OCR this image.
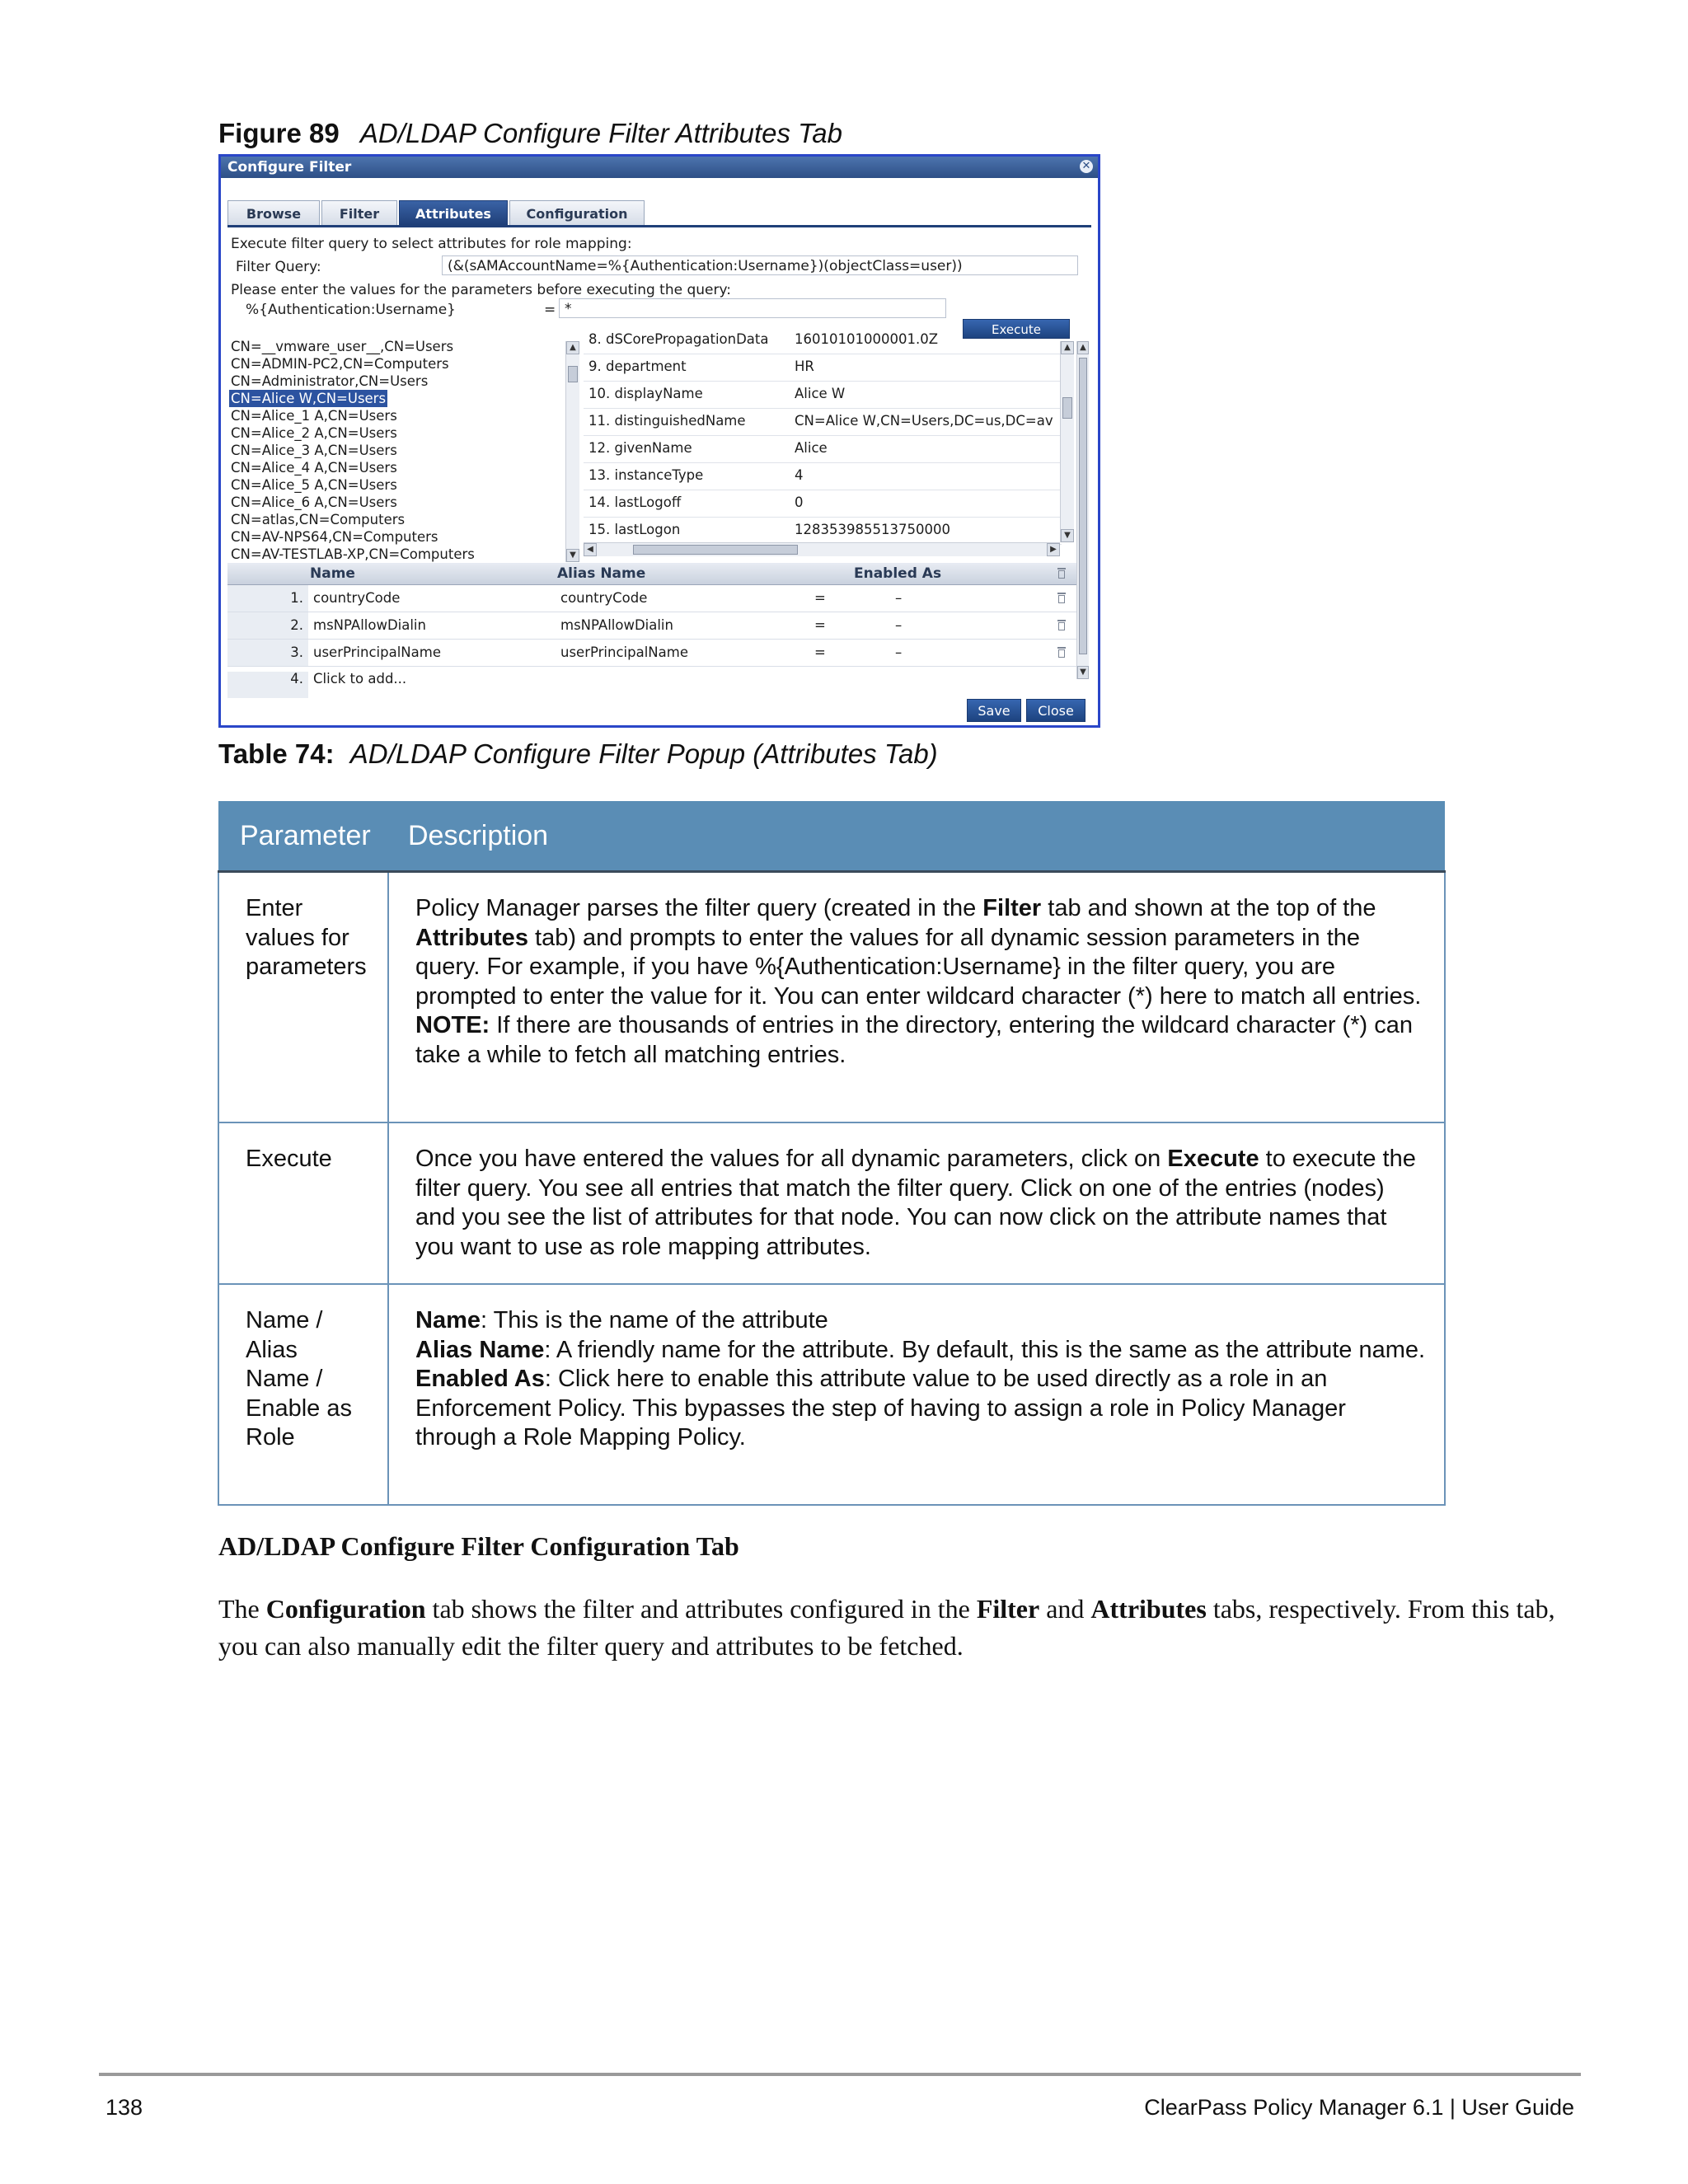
Figure 89 AD/LDAP Configure Filter Attributes Tab
Configure Filter	✕
Browse	Filter	Attributes	Configuration
Execute filter query to select attributes for role mapping:
Filter Query:	(&(sAMAccountName=%{Authentication:Username})(objectClass=user))
Please enter the values for the parameters before executing the query:
%{Authentication:Username}	= *
Execute
CN=__vmware_user__,CN=Users
CN=ADMIN-PC2,CN=Computers
CN=Administrator,CN=Users
CN=Alice W,CN=Users
CN=Alice_1 A,CN=Users
CN=Alice_2 A,CN=Users
CN=Alice_3 A,CN=Users
CN=Alice_4 A,CN=Users
CN=Alice_5 A,CN=Users
CN=Alice_6 A,CN=Users
CN=atlas,CN=Computers
CN=AV-NPS64,CN=Computers
CN=AV-TESTLAB-XP,CN=Computers
▲
▼
8. dSCorePropagationData 16010101000001.0Z
9. department	HR
10. displayName	Alice W
11. distinguishedName	CN=Alice W,CN=Users,DC=us,DC=av
12. givenName	Alice
13. instanceType	4
14. lastLogoff	0
15. lastLogon	128353985513750000
▲
▼
◀	▶
Name	Alias Name	Enabled As
1. countryCode	countryCode	=	–
2. msNPAllowDialin	msNPAllowDialin	=	–
3. userPrincipalName	userPrincipalName	=	–
4. Click to add...
▲
▼
Save	Close
Table 74: AD/LDAP Configure Filter Popup (Attributes Tab)
Parameter	Description
Enter values for parameters	Policy Manager parses the filter query (created in the Filter tab and shown at the top of the Attributes tab) and prompts to enter the values for all dynamic session parameters in the query. For example, if you have %{Authentication:Username} in the filter query, you are prompted to enter the value for it. You can enter wildcard character (*) here to match all entries.
NOTE: If there are thousands of entries in the directory, entering the wildcard character (*) can take a while to fetch all matching entries.
Execute	Once you have entered the values for all dynamic parameters, click on Execute to execute the filter query. You see all entries that match the filter query. Click on one of the entries (nodes) and you see the list of attributes for that node. You can now click on the attribute names that you want to use as role mapping attributes.
Name / Alias Name / Enable as Role	Name: This is the name of the attribute
Alias Name: A friendly name for the attribute. By default, this is the same as the attribute name.
Enabled As: Click here to enable this attribute value to be used directly as a role in an Enforcement Policy. This bypasses the step of having to assign a role in Policy Manager through a Role Mapping Policy.
AD/LDAP Configure Filter Configuration Tab
The Configuration tab shows the filter and attributes configured in the Filter and Attributes tabs, respectively. From this tab, you can also manually edit the filter query and attributes to be fetched.
138	ClearPass Policy Manager 6.1 | User Guide
